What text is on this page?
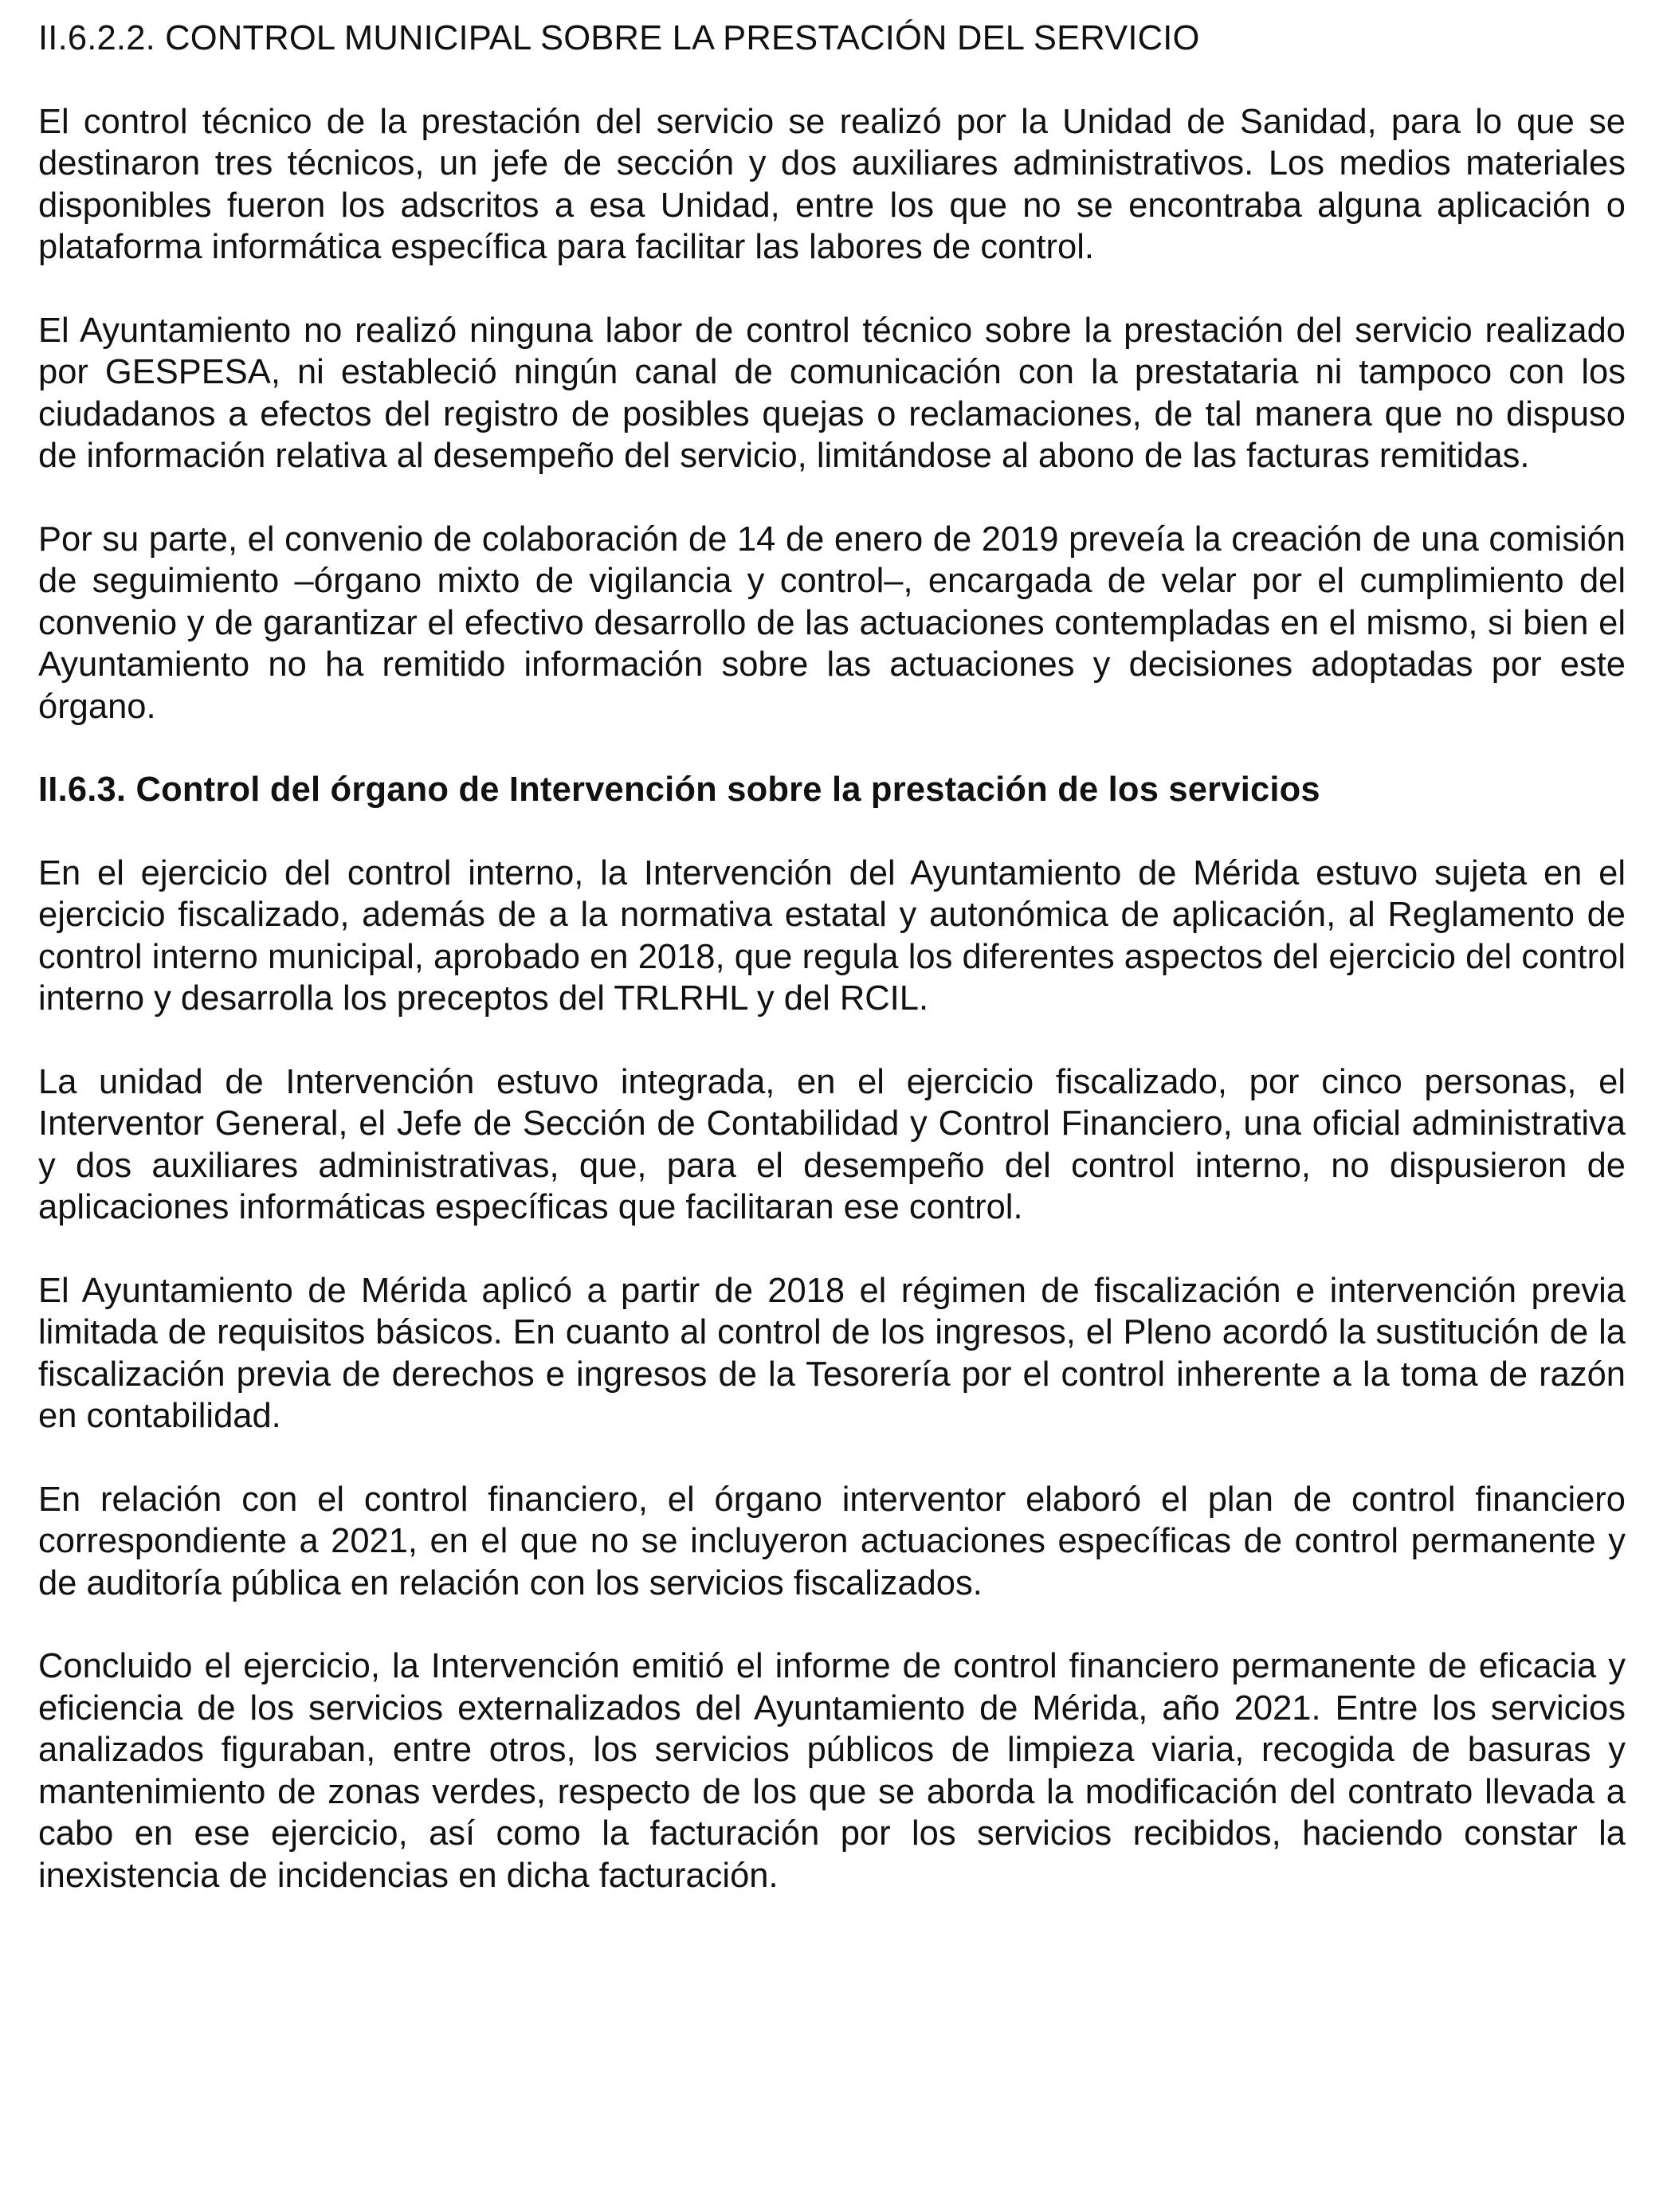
II.6.2.2. CONTROL MUNICIPAL SOBRE LA PRESTACIÓN DEL SERVICIO

El control técnico de la prestación del servicio se realizó por la Unidad de Sanidad, para lo que se destinaron tres técnicos, un jefe de sección y dos auxiliares administrativos. Los medios materiales disponibles fueron los adscritos a esa Unidad, entre los que no se encontraba alguna aplicación o plataforma informática específica para facilitar las labores de control.

El Ayuntamiento no realizó ninguna labor de control técnico sobre la prestación del servicio realizado por GESPESA, ni estableció ningún canal de comunicación con la prestataria ni tampoco con los ciudadanos a efectos del registro de posibles quejas o reclamaciones, de tal manera que no dispuso de información relativa al desempeño del servicio, limitándose al abono de las facturas remitidas.

Por su parte, el convenio de colaboración de 14 de enero de 2019 preveía la creación de una comisión de seguimiento –órgano mixto de vigilancia y control–, encargada de velar por el cumplimiento del convenio y de garantizar el efectivo desarrollo de las actuaciones contempladas en el mismo, si bien el Ayuntamiento no ha remitido información sobre las actuaciones y decisiones adoptadas por este órgano.

II.6.3. Control del órgano de Intervención sobre la prestación de los servicios

En el ejercicio del control interno, la Intervención del Ayuntamiento de Mérida estuvo sujeta en el ejercicio fiscalizado, además de a la normativa estatal y autonómica de aplicación, al Reglamento de control interno municipal, aprobado en 2018, que regula los diferentes aspectos del ejercicio del control interno y desarrolla los preceptos del TRLRHL y del RCIL.

La unidad de Intervención estuvo integrada, en el ejercicio fiscalizado, por cinco personas, el Interventor General, el Jefe de Sección de Contabilidad y Control Financiero, una oficial administrativa y dos auxiliares administrativas, que, para el desempeño del control interno, no dispusieron de aplicaciones informáticas específicas que facilitaran ese control.

El Ayuntamiento de Mérida aplicó a partir de 2018 el régimen de fiscalización e intervención previa limitada de requisitos básicos. En cuanto al control de los ingresos, el Pleno acordó la sustitución de la fiscalización previa de derechos e ingresos de la Tesorería por el control inherente a la toma de razón en contabilidad.

En relación con el control financiero, el órgano interventor elaboró el plan de control financiero correspondiente a 2021, en el que no se incluyeron actuaciones específicas de control permanente y de auditoría pública en relación con los servicios fiscalizados.

Concluido el ejercicio, la Intervención emitió el informe de control financiero permanente de eficacia y eficiencia de los servicios externalizados del Ayuntamiento de Mérida, año 2021. Entre los servicios analizados figuraban, entre otros, los servicios públicos de limpieza viaria, recogida de basuras y mantenimiento de zonas verdes, respecto de los que se aborda la modificación del contrato llevada a cabo en ese ejercicio, así como la facturación por los servicios recibidos, haciendo constar la inexistencia de incidencias en dicha facturación.
